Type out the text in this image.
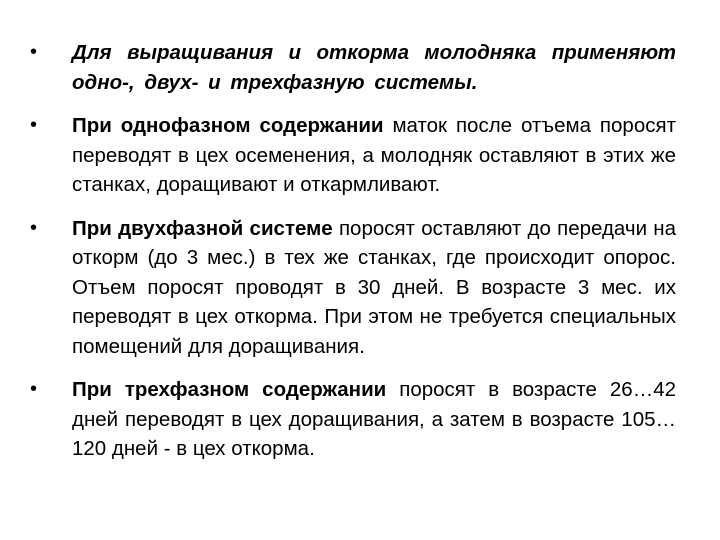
• Для выращивания и откорма молодняка применяют одно-, двух- и трехфазную системы.
• При однофазном содержании маток после отъема поросят переводят в цех осеменения, а молодняк оставляют в этих же станках, доращивают и откармливают.
• При двухфазной системе поросят оставляют до передачи на откорм (до 3 мес.) в тех же станках, где происходит опорос. Отъем поросят проводят в 30 дней. В возрасте 3 мес. их переводят в цех откорма. При этом не требуется специальных помещений для доращивания.
• При трехфазном содержании поросят в возрасте 26…42 дней переводят в цех доращивания, а затем в возрасте 105…120 дней - в цех откорма.
